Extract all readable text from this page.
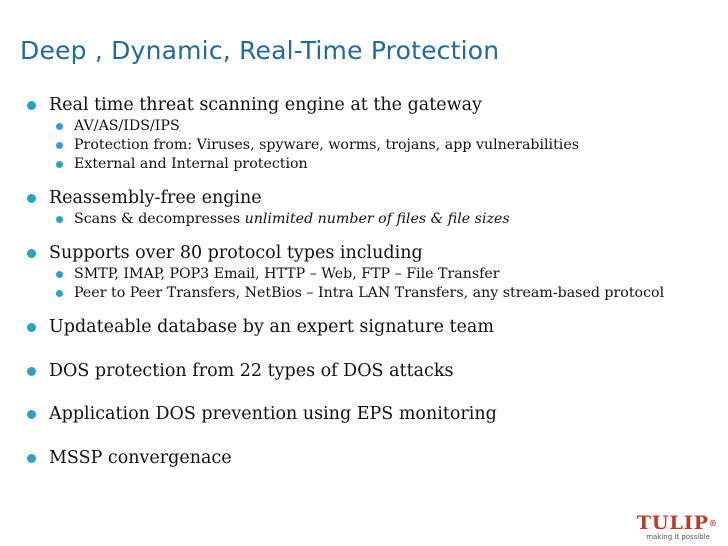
Deep , Dynamic, Real-Time Protection
Real time threat scanning engine at the gateway
AV/AS/IDS/IPS
Protection from: Viruses, spyware, worms, trojans, app vulnerabilities
External and Internal protection
Reassembly-free engine
Scans & decompresses unlimited number of files & file sizes
Supports over 80 protocol types including
SMTP, IMAP, POP3 Email, HTTP – Web, FTP – File Transfer
Peer to Peer Transfers, NetBios – Intra LAN Transfers, any stream-based protocol
Updateable database by an expert signature team
DOS protection from 22 types of DOS attacks
Application DOS prevention using EPS monitoring
MSSP convergenace
TULIP®
making it possible
